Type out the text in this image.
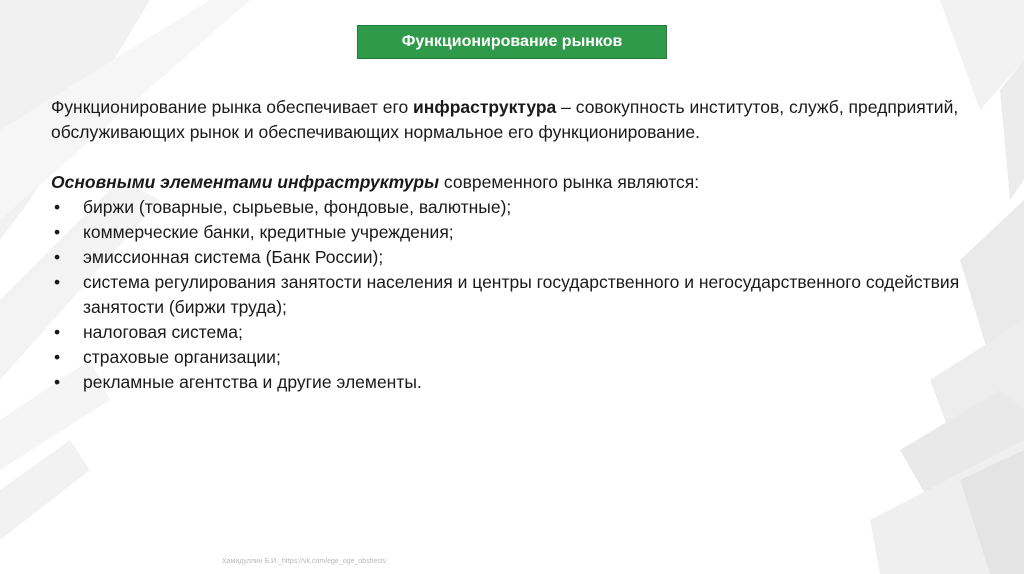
Функционирование рынков

Функционирование рынка обеспечивает его инфраструктура – совокупность институтов, служб, предприятий, обслуживающих рынок и обеспечивающих нормальное его функционирование.

Основными элементами инфраструктуры современного рынка являются:

• биржи (товарные, сырьевые, фондовые, валютные);
• коммерческие банки, кредитные учреждения;
• эмиссионная система (Банк России);
• система регулирования занятости населения и центры государственного и негосударственного содействия занятости (биржи труда);
• налоговая система;
• страховые организации;
• рекламные агентства и другие элементы.
Хамидуллин Б.И._https://vk.com/ege_oge_obshestv
